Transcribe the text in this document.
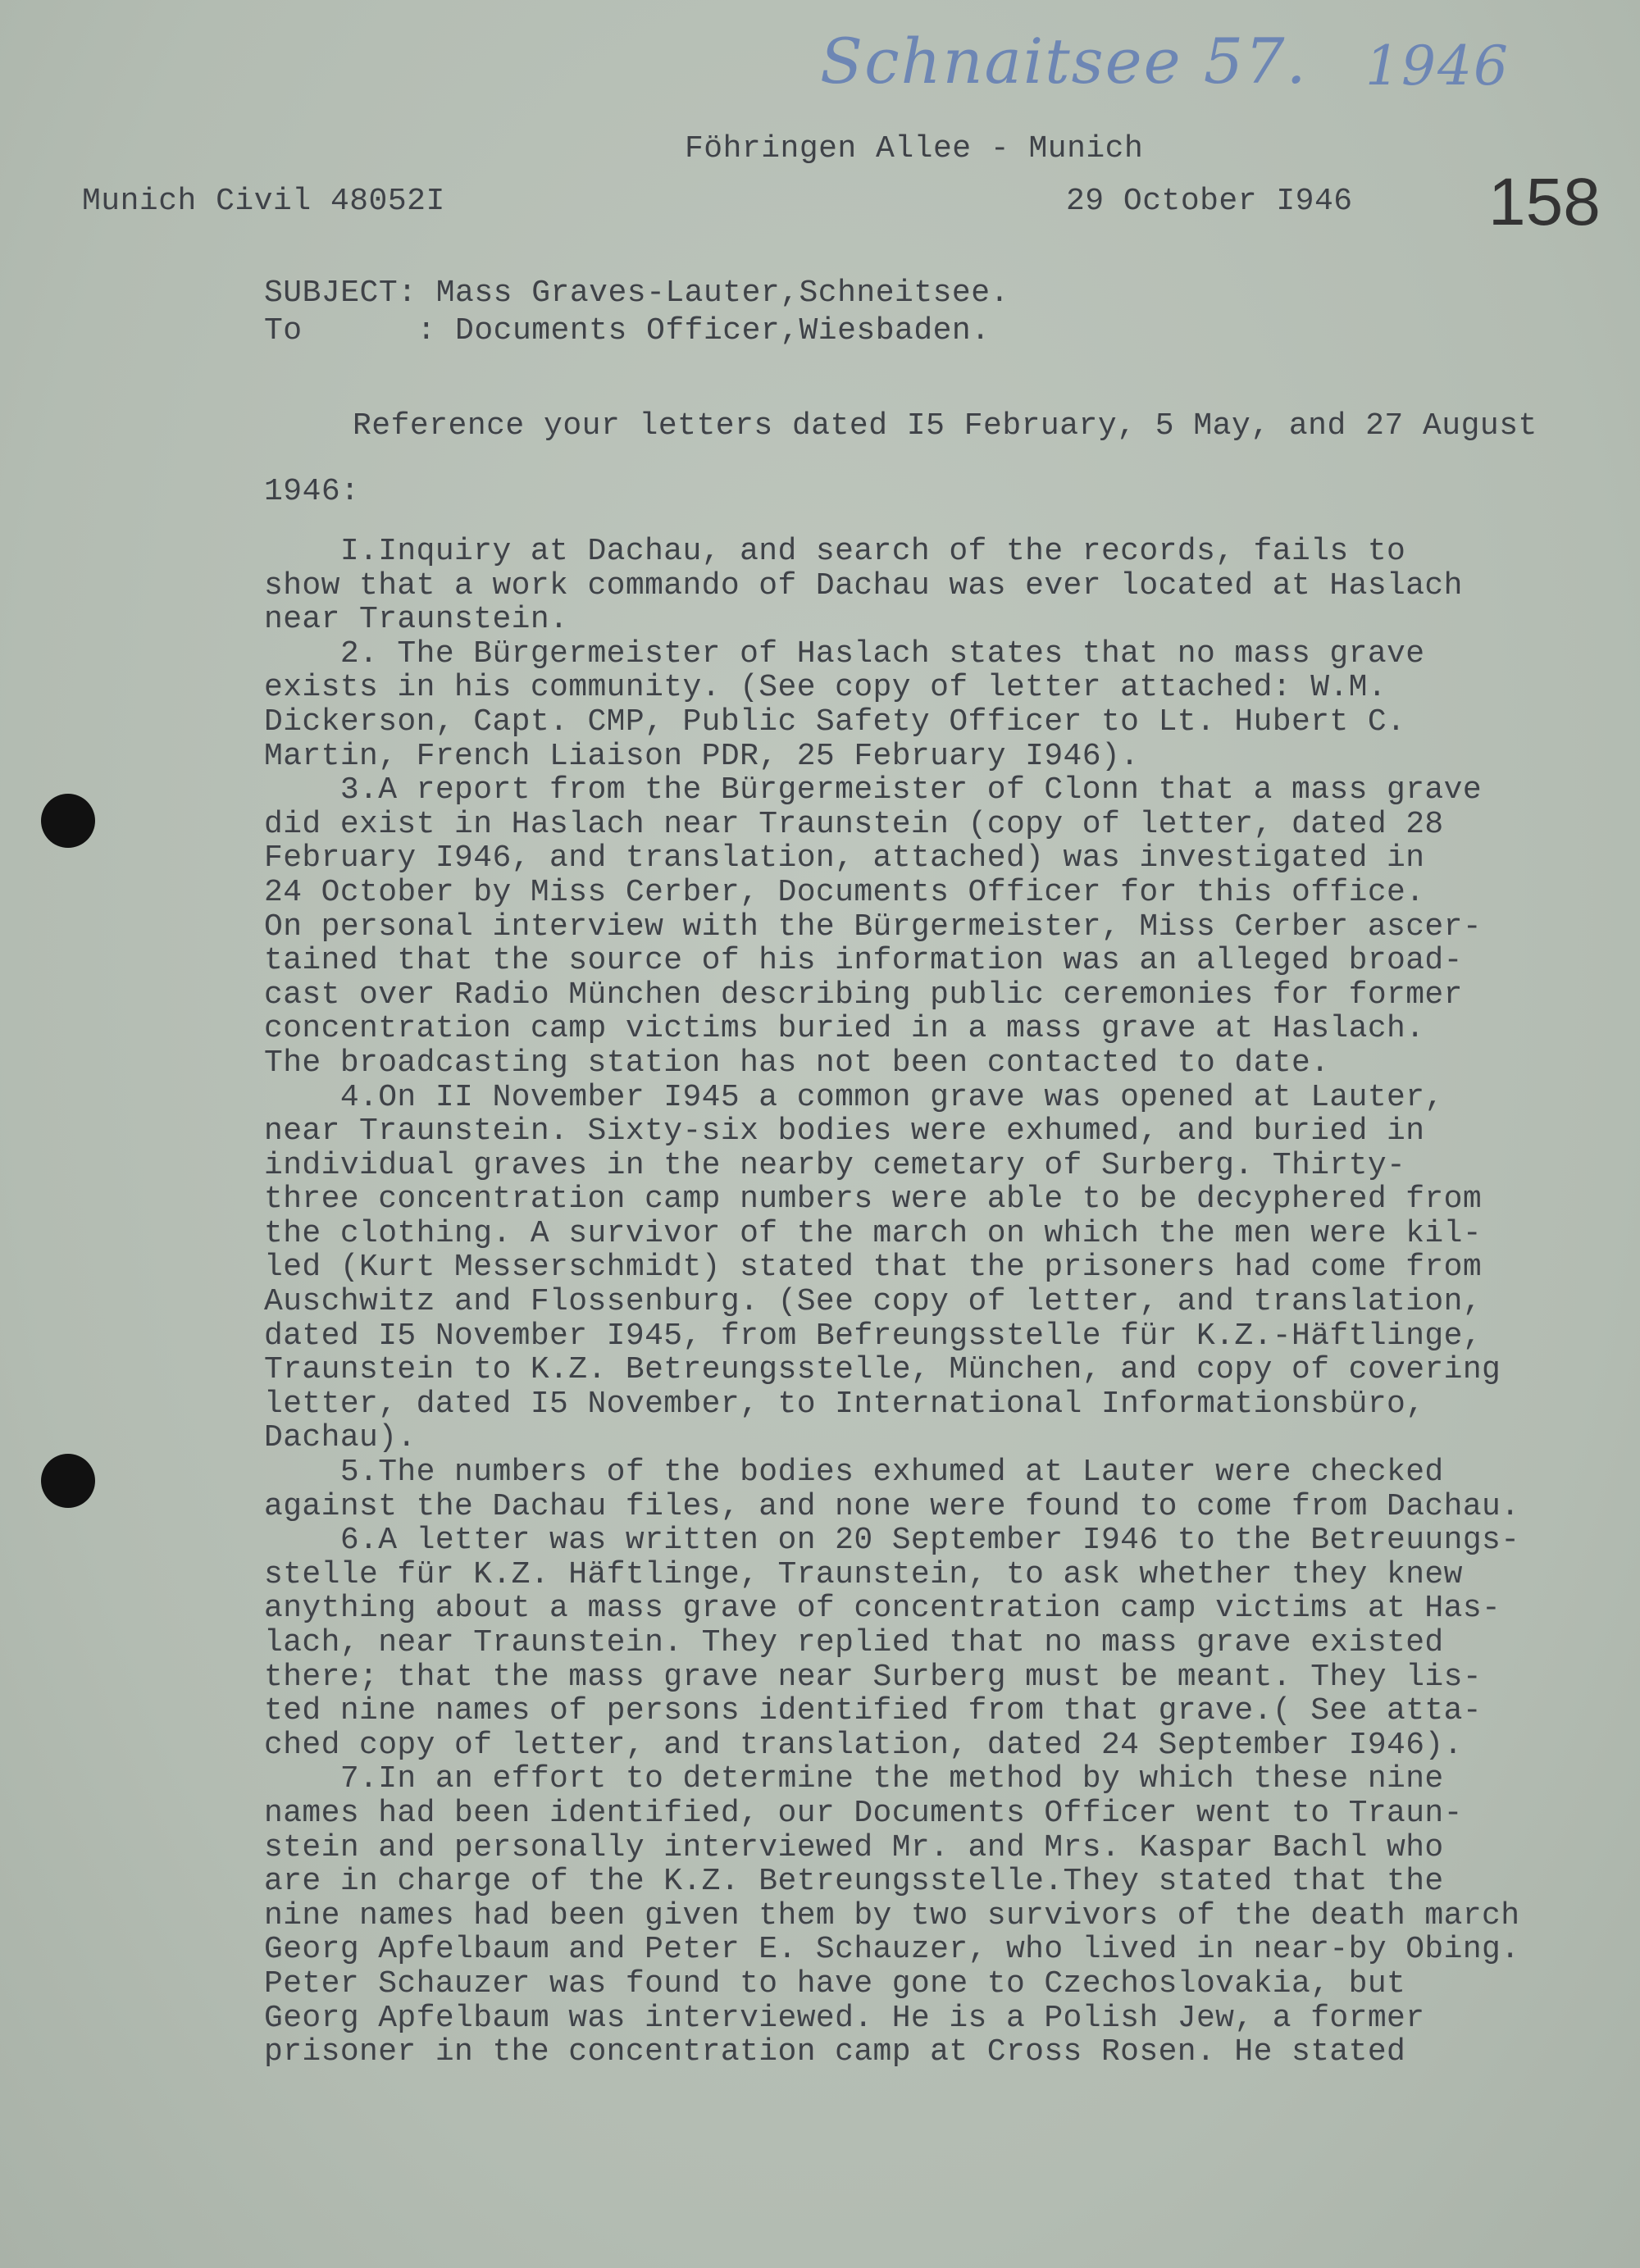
Schnaitsee 57. 1946
Föhringen Allee - Munich
Munich Civil 48052I	29 October I946 158
SUBJECT: Mass Graves-Lauter,Schneitsee.
To      : Documents Officer,Wiesbaden.
Reference your letters dated I5 February, 5 May, and 27 August
1946:
I.Inquiry at Dachau, and search of the records, fails to
show that a work commando of Dachau was ever located at Haslach
near Traunstein.
2. The Bürgermeister of Haslach states that no mass grave
exists in his community. (See copy of letter attached: W.M.
Dickerson, Capt. CMP, Public Safety Officer to Lt. Hubert C.
Martin, French Liaison PDR, 25 February I946).
3.A report from the Bürgermeister of Clonn that a mass grave
did exist in Haslach near Traunstein (copy of letter, dated 28
February I946, and translation, attached) was investigated in
24 October by Miss Cerber, Documents Officer for this office.
On personal interview with the Bürgermeister, Miss Cerber ascer-
tained that the source of his information was an alleged broad-
cast over Radio München describing public ceremonies for former
concentration camp victims buried in a mass grave at Haslach.
The broadcasting station has not been contacted to date.
4.On II November I945 a common grave was opened at Lauter,
near Traunstein. Sixty-six bodies were exhumed, and buried in
individual graves in the nearby cemetary of Surberg. Thirty-
three concentration camp numbers were able to be decyphered from
the clothing. A survivor of the march on which the men were kil-
led (Kurt Messerschmidt) stated that the prisoners had come from
Auschwitz and Flossenburg. (See copy of letter, and translation,
dated I5 November I945, from Befreungsstelle für K.Z.-Häftlinge,
Traunstein to K.Z. Betreungsstelle, München, and copy of covering
letter, dated I5 November, to International Informationsbüro,
Dachau).
5.The numbers of the bodies exhumed at Lauter were checked
against the Dachau files, and none were found to come from Dachau.
6.A letter was written on 20 September I946 to the Betreuungs-
stelle für K.Z. Häftlinge, Traunstein, to ask whether they knew
anything about a mass grave of concentration camp victims at Has-
lach, near Traunstein. They replied that no mass grave existed
there; that the mass grave near Surberg must be meant. They lis-
ted nine names of persons identified from that grave.( See atta-
ched copy of letter, and translation, dated 24 September I946).
7.In an effort to determine the method by which these nine
names had been identified, our Documents Officer went to Traun-
stein and personally interviewed Mr. and Mrs. Kaspar Bachl who
are in charge of the K.Z. Betreungsstelle.They stated that the
nine names had been given them by two survivors of the death march
Georg Apfelbaum and Peter E. Schauzer, who lived in near-by Obing.
Peter Schauzer was found to have gone to Czechoslovakia, but
Georg Apfelbaum was interviewed. He is a Polish Jew, a former
prisoner in the concentration camp at Cross Rosen. He stated
